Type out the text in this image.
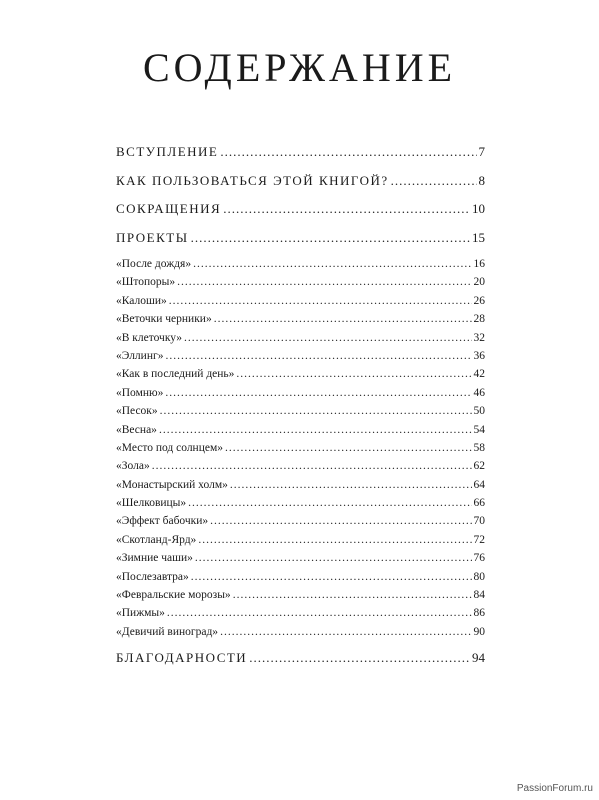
СОДЕРЖАНИЕ
ВСТУПЛЕНИЕ .....	7
КАК ПОЛЬЗОВАТЬСЯ ЭТОЙ КНИГОЙ? .....	8
СОКРАЩЕНИЯ .....	10
ПРОЕКТЫ .....	15
«После дождя» .....	16
«Штопоры» .....	20
«Калоши» .....	26
«Веточки черники» .....	28
«В клеточку» .....	32
«Эллинг» .....	36
«Как в последний день» .....	42
«Помню» .....	46
«Песок» .....	50
«Весна» .....	54
«Место под солнцем» .....	58
«Зола» .....	62
«Монастырский холм» .....	64
«Шелковицы» .....	66
«Эффект бабочки» .....	70
«Скотланд-Ярд» .....	72
«Зимние чаши» .....	76
«Послезавтра» .....	80
«Февральские морозы» .....	84
«Пижмы» .....	86
«Девичий виноград» .....	90
БЛАГОДАРНОСТИ .....	94
PassionForum.ru
